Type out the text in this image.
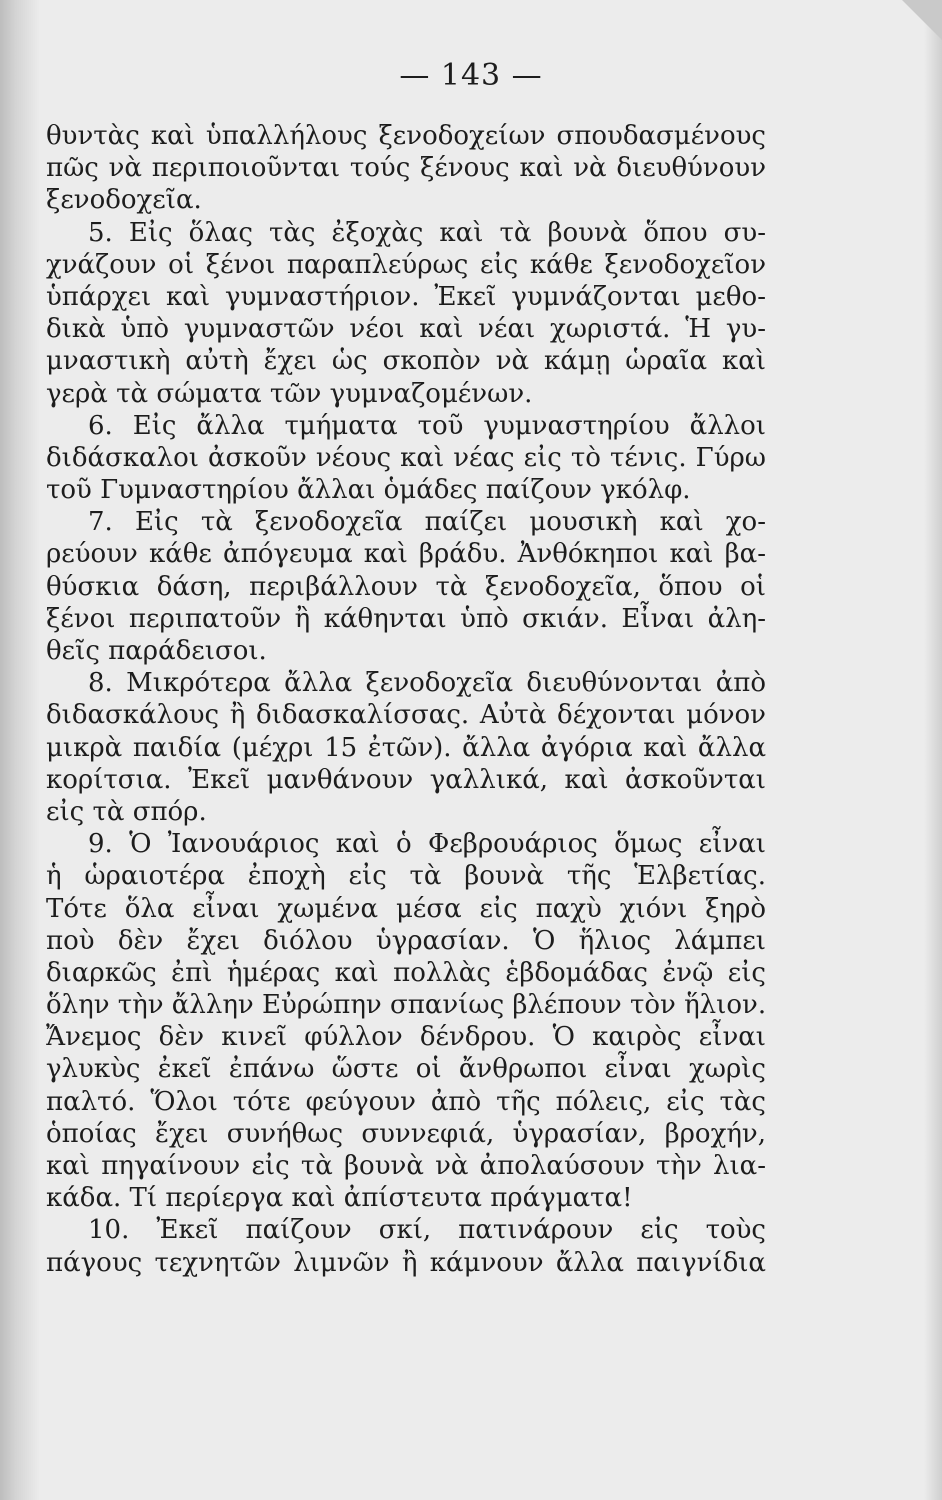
— 143 —
θυντὰς καὶ ὑπαλλήλους ξενοδοχείων σπουδασμένους
πῶς νὰ περιποιοῦνται τούς ξένους καὶ νὰ διευθύνουν
ξενοδοχεῖα.
5. Εἰς ὅλας τὰς ἐξοχὰς καὶ τὰ βουνὰ ὅπου συ-
χνάζουν οἱ ξένοι παραπλεύρως εἰς κάθε ξενοδοχεῖον
ὑπάρχει καὶ γυμναστήριον. Ἐκεῖ γυμνάζονται μεθο-
δικὰ ὑπὸ γυμναστῶν νέοι καὶ νέαι χωριστά. Ἡ γυ-
μναστικὴ αὐτὴ ἔχει ὡς σκοπὸν νὰ κάμῃ ὡραῖα καὶ
γερὰ τὰ σώματα τῶν γυμναζομένων.
6. Εἰς ἄλλα τμήματα τοῦ γυμναστηρίου ἄλλοι
διδάσκαλοι ἀσκοῦν νέους καὶ νέας εἰς τὸ τένις. Γύρω
τοῦ Γυμναστηρίου ἄλλαι ὁμάδες παίζουν γκόλφ.
7. Εἰς τὰ ξενοδοχεῖα παίζει μουσικὴ καὶ χο-
ρεύουν κάθε ἀπόγευμα καὶ βράδυ. Ἀνθόκηποι καὶ βα-
θύσκια δάση, περιβάλλουν τὰ ξενοδοχεῖα, ὅπου οἱ
ξένοι περιπατοῦν ἢ κάθηνται ὑπὸ σκιάν. Εἶναι ἀλη-
θεῖς παράδεισοι.
8. Μικρότερα ἄλλα ξενοδοχεῖα διευθύνονται ἀπὸ
διδασκάλους ἢ διδασκαλίσσας. Αὐτὰ δέχονται μόνον
μικρὰ παιδία (μέχρι 15 ἐτῶν). ἄλλα ἀγόρια καὶ ἄλλα
κορίτσια. Ἐκεῖ μανθάνουν γαλλικά, καὶ ἀσκοῦνται
εἰς τὰ σπόρ.
9. Ὁ Ἰανουάριος καὶ ὁ Φεβρουάριος ὅμως εἶναι
ἡ ὡραιοτέρα ἐποχὴ εἰς τὰ βουνὰ τῆς Ἑλβετίας.
Τότε ὅλα εἶναι χωμένα μέσα εἰς παχὺ χιόνι ξηρὸ
ποὺ δὲν ἔχει διόλου ὑγρασίαν. Ὁ ἥλιος λάμπει
διαρκῶς ἐπὶ ἡμέρας καὶ πολλὰς ἑβδομάδας ἐνῷ εἰς
ὅλην τὴν ἄλλην Εὐρώπην σπανίως βλέπουν τὸν ἥλιον.
Ἄνεμος δὲν κινεῖ φύλλον δένδρου. Ὁ καιρὸς εἶναι
γλυκὺς ἐκεῖ ἐπάνω ὥστε οἱ ἄνθρωποι εἶναι χωρὶς
παλτό. Ὅλοι τότε φεύγουν ἀπὸ τῆς πόλεις, εἰς τὰς
ὁποίας ἔχει συνήθως συννεφιά, ὑγρασίαν, βροχήν,
καὶ πηγαίνουν εἰς τὰ βουνὰ νὰ ἀπολαύσουν τὴν λια-
κάδα. Τί περίεργα καὶ ἀπίστευτα πράγματα!
10. Ἐκεῖ παίζουν σκί, πατινάρουν εἰς τοὺς
πάγους τεχνητῶν λιμνῶν ἢ κάμνουν ἄλλα παιγνίδια
